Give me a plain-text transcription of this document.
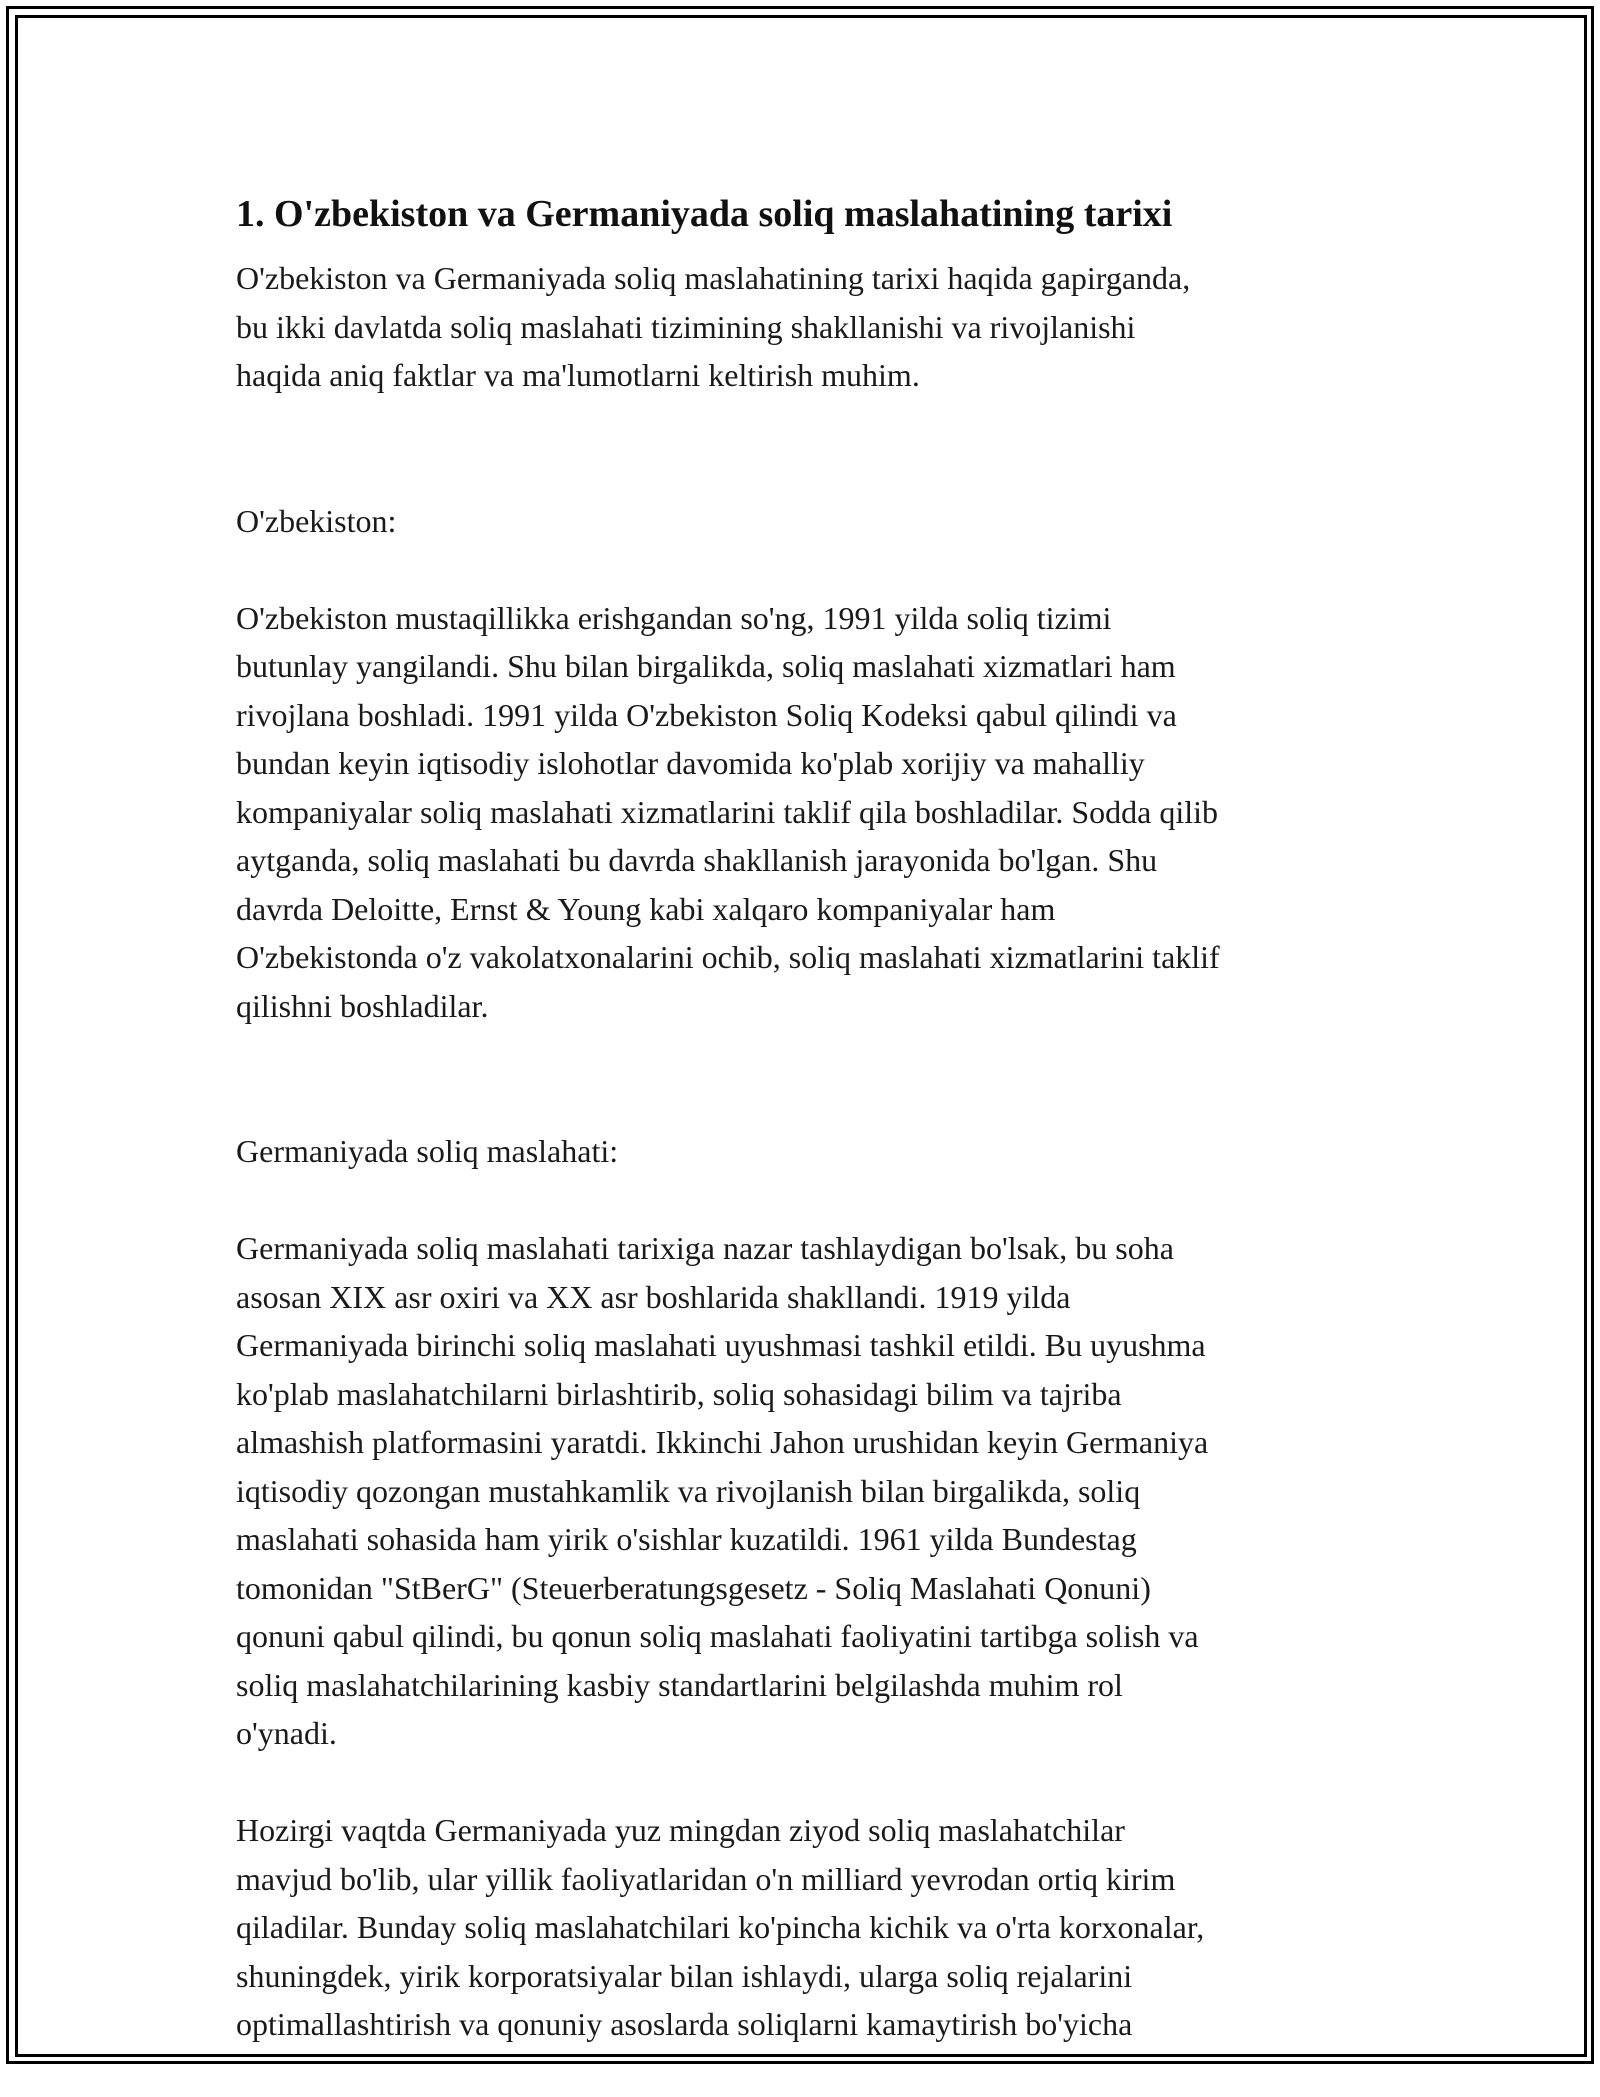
1. O'zbekiston va Germaniyada soliq maslahatining tarixi
O'zbekiston va Germaniyada soliq maslahatining tarixi haqida gapirganda,
bu ikki davlatda soliq maslahati tizimining shakllanishi va rivojlanishi
haqida aniq faktlar va ma'lumotlarni keltirish muhim.

O'zbekiston:

O'zbekiston mustaqillikka erishgandan so'ng, 1991 yilda soliq tizimi
butunlay yangilandi. Shu bilan birgalikda, soliq maslahati xizmatlari ham
rivojlana boshladi. 1991 yilda O'zbekiston Soliq Kodeksi qabul qilindi va
bundan keyin iqtisodiy islohotlar davomida ko'plab xorijiy va mahalliy
kompaniyalar soliq maslahati xizmatlarini taklif qila boshladilar. Sodda qilib
aytganda, soliq maslahati bu davrda shakllanish jarayonida bo'lgan. Shu
davrda Deloitte, Ernst & Young kabi xalqaro kompaniyalar ham
O'zbekistonda o'z vakolatxonalarini ochib, soliq maslahati xizmatlarini taklif
qilishni boshladilar.

Germaniyada soliq maslahati:

Germaniyada soliq maslahati tarixiga nazar tashlaydigan bo'lsak, bu soha
asosan XIX asr oxiri va XX asr boshlarida shakllandi. 1919 yilda
Germaniyada birinchi soliq maslahati uyushmasi tashkil etildi. Bu uyushma
ko'plab maslahatchilarni birlashtirib, soliq sohasidagi bilim va tajriba
almashish platformasini yaratdi. Ikkinchi Jahon urushidan keyin Germaniya
iqtisodiy qozongan mustahkamlik va rivojlanish bilan birgalikda, soliq
maslahati sohasida ham yirik o'sishlar kuzatildi. 1961 yilda Bundestag
tomonidan "StBerG" (Steuerberatungsgesetz - Soliq Maslahati Qonuni)
qonuni qabul qilindi, bu qonun soliq maslahati faoliyatini tartibga solish va
soliq maslahatchilarining kasbiy standartlarini belgilashda muhim rol
o'ynadi.

Hozirgi vaqtda Germaniyada yuz mingdan ziyod soliq maslahatchilar
mavjud bo'lib, ular yillik faoliyatlaridan o'n milliard yevrodan ortiq kirim
qiladilar. Bunday soliq maslahatchilari ko'pincha kichik va o'rta korxonalar,
shuningdek, yirik korporatsiyalar bilan ishlaydi, ularga soliq rejalarini
optimallashtirish va qonuniy asoslarda soliqlarni kamaytirish bo'yicha
